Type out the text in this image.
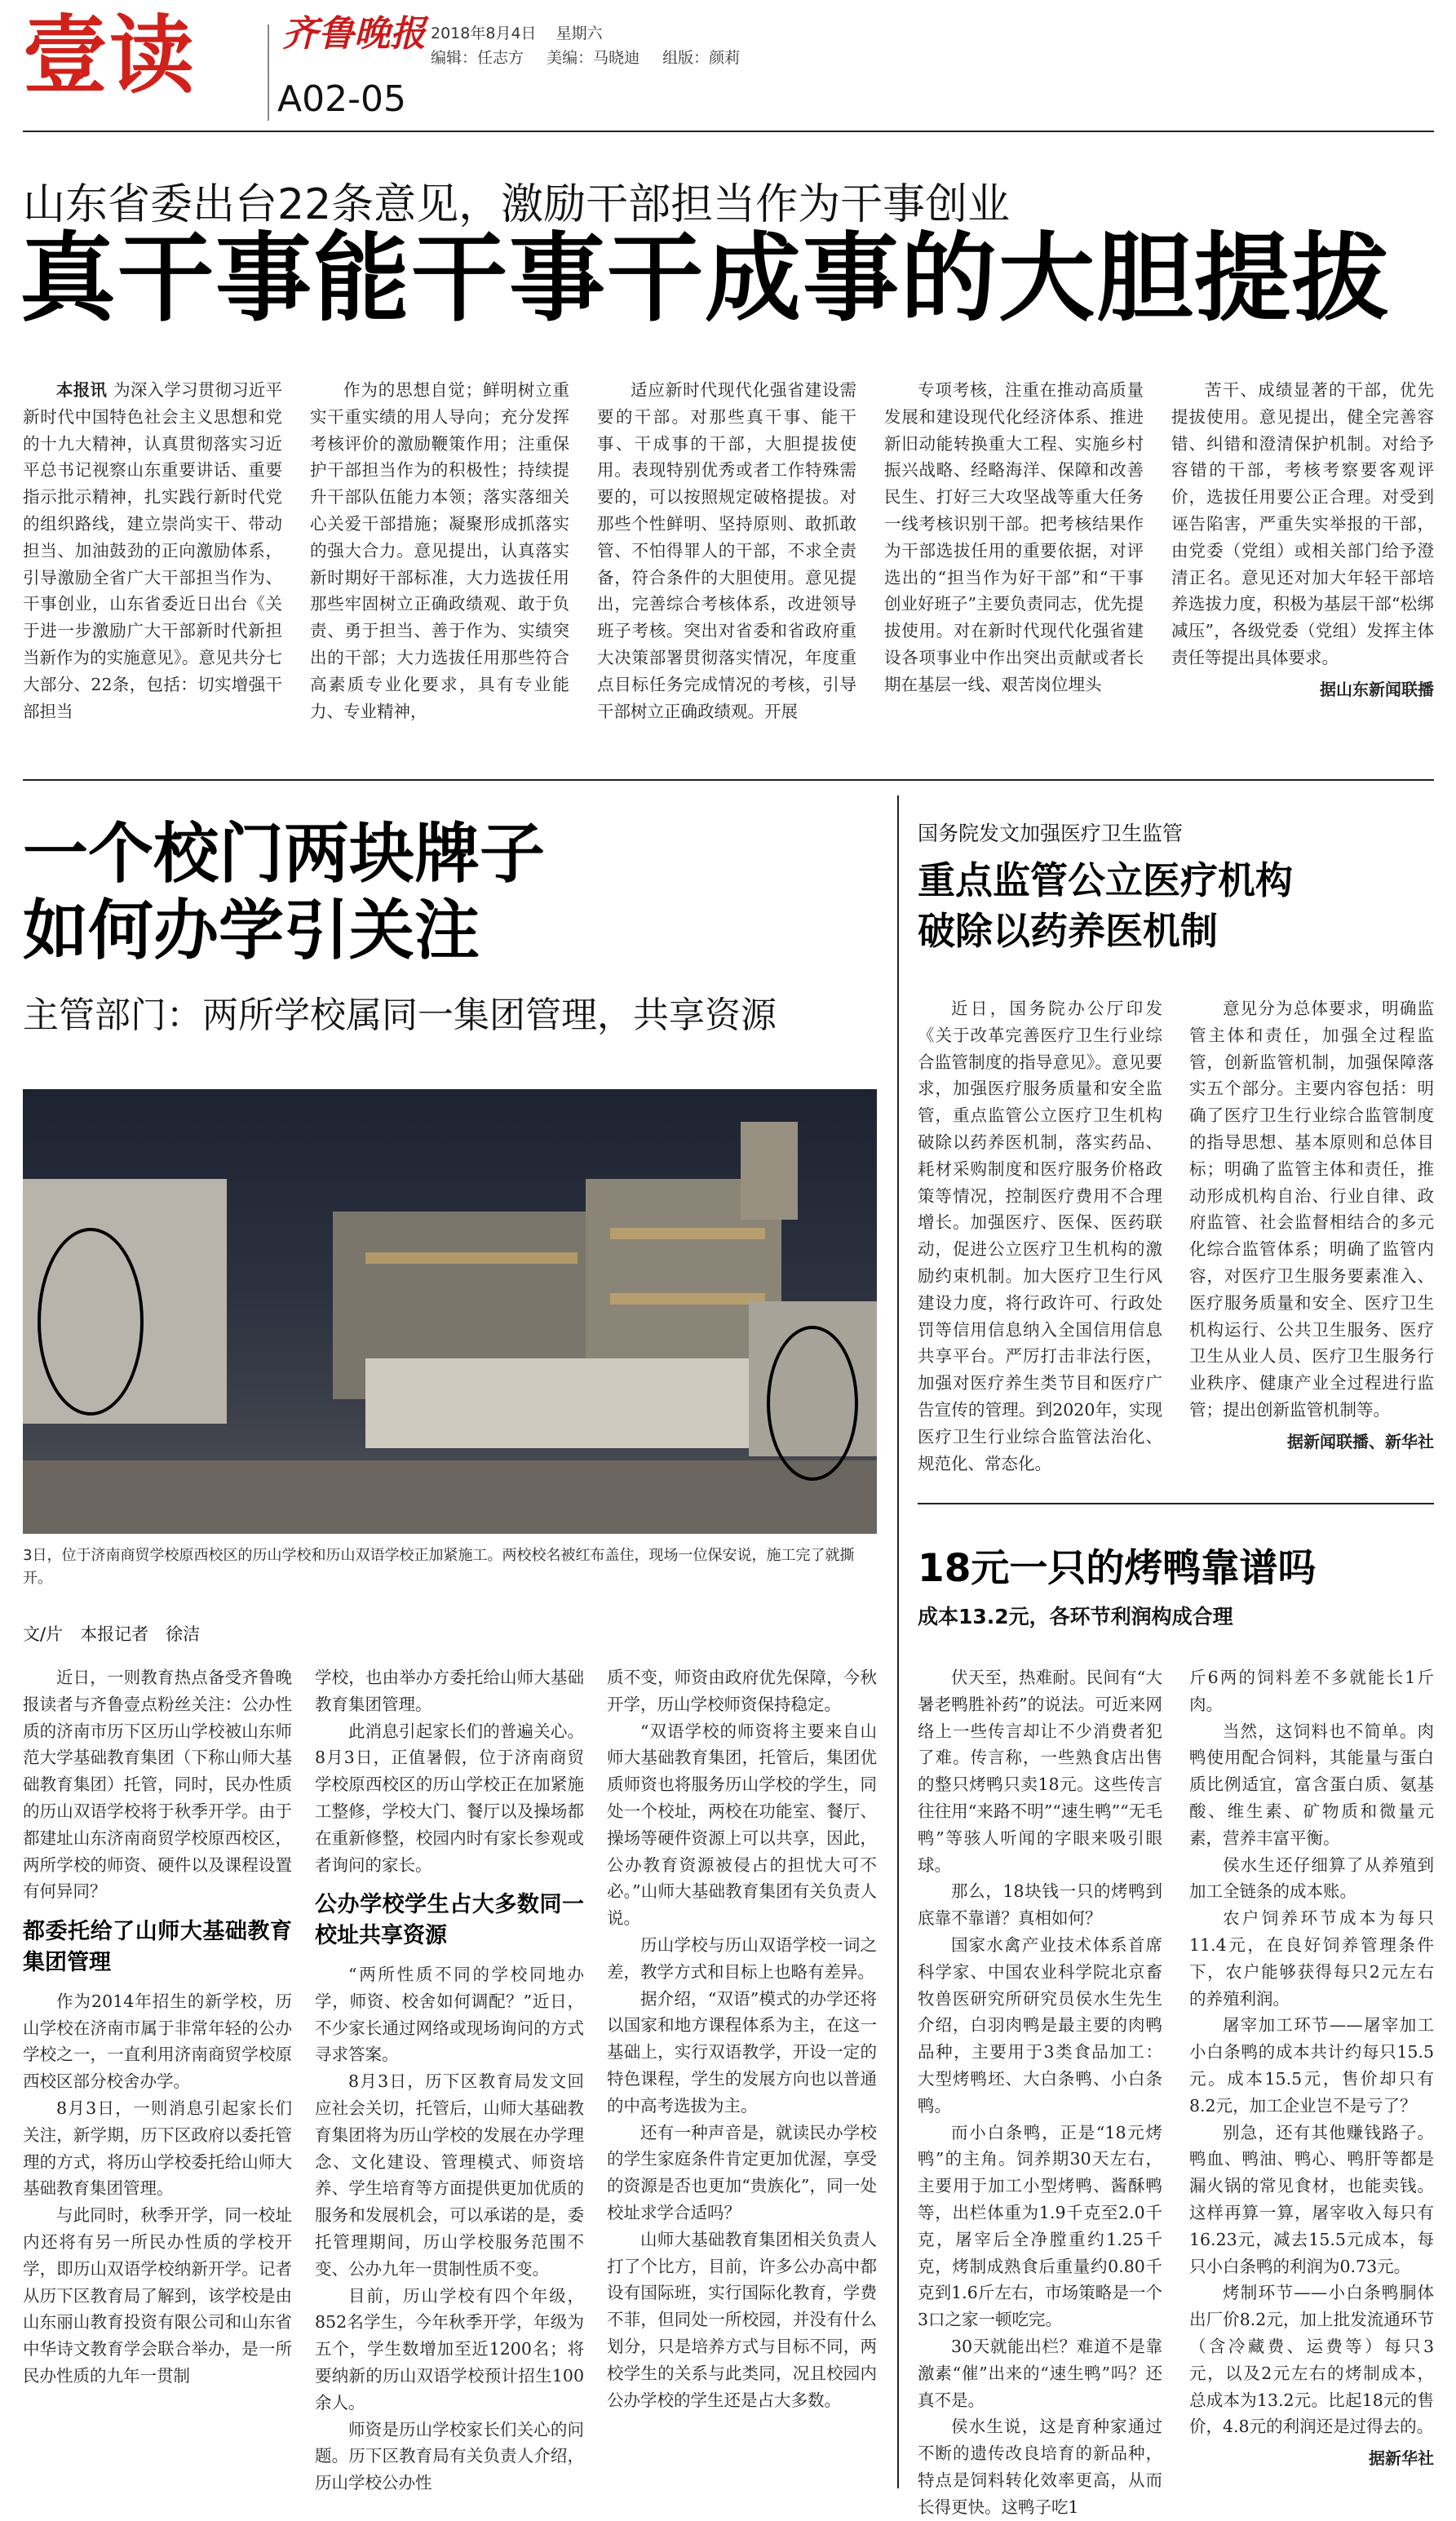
壹读 齐鲁晚报
A02-05
2018年8月4日 星期六
编辑：任志方 美编：马晓迪 组版：颜莉
山东省委出台22条意见，激励干部担当作为干事创业
真干事能干事干成事的大胆提拔

本报讯 为深入学习贯彻习近平新时代中国特色社会主义思想和党的十九大精神，认真贯彻落实习近平总书记视察山东重要讲话、重要指示批示精神，扎实践行新时代党的组织路线，建立崇尚实干、带动担当、加油鼓劲的正向激励体系，引导激励全省广大干部担当作为、干事创业，山东省委近日出台《关于进一步激励广大干部新时代新担当新作为的实施意见》。意见共分七大部分、22条，包括：切实增强干部担当

作为的思想自觉；鲜明树立重实干重实绩的用人导向；充分发挥考核评价的激励鞭策作用；注重保护干部担当作为的积极性；持续提升干部队伍能力本领；落实落细关心关爱干部措施；凝聚形成抓落实的强大合力。意见提出，认真落实新时期好干部标准，大力选拔任用那些牢固树立正确政绩观、敢于负责、勇于担当、善于作为、实绩突出的干部；大力选拔任用那些符合高素质专业化要求，具有专业能力、专业精神，

适应新时代现代化强省建设需要的干部。对那些真干事、能干事、干成事的干部，大胆提拔使用。表现特别优秀或者工作特殊需要的，可以按照规定破格提拔。对那些个性鲜明、坚持原则、敢抓敢管、不怕得罪人的干部，不求全责备，符合条件的大胆使用。意见提出，完善综合考核体系，改进领导班子考核。突出对省委和省政府重大决策部署贯彻落实情况，年度重点目标任务完成情况的考核，引导干部树立正确政绩观。开展

专项考核，注重在推动高质量发展和建设现代化经济体系、推进新旧动能转换重大工程、实施乡村振兴战略、经略海洋、保障和改善民生、打好三大攻坚战等重大任务一线考核识别干部。把考核结果作为干部选拔任用的重要依据，对评选出的“担当作为好干部”和“干事创业好班子”主要负责同志，优先提拔使用。对在新时代现代化强省建设各项事业中作出突出贡献或者长期在基层一线、艰苦岗位埋头

苦干、成绩显著的干部，优先提拔使用。意见提出，健全完善容错、纠错和澄清保护机制。对给予容错的干部，考核考察要客观评价，选拔任用要公正合理。对受到诬告陷害，严重失实举报的干部，由党委（党组）或相关部门给予澄清正名。意见还对加大年轻干部培养选拔力度，积极为基层干部“松绑减压”，各级党委（党组）发挥主体责任等提出具体要求。

据山东新闻联播
一个校门两块牌子
如何办学引关注
主管部门：两所学校属同一集团管理，共享资源
3日，位于济南商贸学校原西校区的历山学校和历山双语学校正加紧施工。两校校名被红布盖住，现场一位保安说，施工完了就撕开。
文/片　本报记者　徐洁

近日，一则教育热点备受齐鲁晚报读者与齐鲁壹点粉丝关注：公办性质的济南市历下区历山学校被山东师范大学基础教育集团（下称山师大基础教育集团）托管，同时，民办性质的历山双语学校将于秋季开学。由于都建址山东济南商贸学校原西校区，两所学校的师资、硬件以及课程设置有何异同？

都委托给了山师大基础教育集团管理

作为2014年招生的新学校，历山学校在济南市属于非常年轻的公办学校之一，一直利用济南商贸学校原西校区部分校舍办学。

8月3日，一则消息引起家长们关注，新学期，历下区政府以委托管理的方式，将历山学校委托给山师大基础教育集团管理。

与此同时，秋季开学，同一校址内还将有另一所民办性质的学校开学，即历山双语学校纳新开学。记者从历下区教育局了解到，该学校是由山东丽山教育投资有限公司和山东省中华诗文教育学会联合举办，是一所民办性质的九年一贯制

学校，也由举办方委托给山师大基础教育集团管理。

此消息引起家长们的普遍关心。8月3日，正值暑假，位于济南商贸学校原西校区的历山学校正在加紧施工整修，学校大门、餐厅以及操场都在重新修整，校园内时有家长参观或者询问的家长。

公办学校学生占大多数同一校址共享资源

“两所性质不同的学校同地办学，师资、校舍如何调配？”近日，不少家长通过网络或现场询问的方式寻求答案。

8月3日，历下区教育局发文回应社会关切，托管后，山师大基础教育集团将为历山学校的发展在办学理念、文化建设、管理模式、师资培养、学生培育等方面提供更加优质的服务和发展机会，可以承诺的是，委托管理期间，历山学校服务范围不变、公办九年一贯制性质不变。

目前，历山学校有四个年级，852名学生，今年秋季开学，年级为五个，学生数增加至近1200名；将要纳新的历山双语学校预计招生100余人。

师资是历山学校家长们关心的问题。历下区教育局有关负责人介绍，历山学校公办性

质不变，师资由政府优先保障，今秋开学，历山学校师资保持稳定。

“双语学校的师资将主要来自山师大基础教育集团，托管后，集团优质师资也将服务历山学校的学生，同处一个校址，两校在功能室、餐厅、操场等硬件资源上可以共享，因此，公办教育资源被侵占的担忧大可不必。”山师大基础教育集团有关负责人说。

历山学校与历山双语学校一词之差，教学方式和目标上也略有差异。

据介绍，“双语”模式的办学还将以国家和地方课程体系为主，在这一基础上，实行双语教学，开设一定的特色课程，学生的发展方向也以普通的中高考选拔为主。

还有一种声音是，就读民办学校的学生家庭条件肯定更加优渥，享受的资源是否也更加“贵族化”，同一处校址求学合适吗？

山师大基础教育集团相关负责人打了个比方，目前，许多公办高中都设有国际班，实行国际化教育，学费不菲，但同处一所校园，并没有什么划分，只是培养方式与目标不同，两校学生的关系与此类同，况且校园内公办学校的学生还是占大多数。

国务院发文加强医疗卫生监管
重点监管公立医疗机构
破除以药养医机制

近日，国务院办公厅印发《关于改革完善医疗卫生行业综合监管制度的指导意见》。意见要求，加强医疗服务质量和安全监管，重点监管公立医疗卫生机构破除以药养医机制，落实药品、耗材采购制度和医疗服务价格政策等情况，控制医疗费用不合理增长。加强医疗、医保、医药联动，促进公立医疗卫生机构的激励约束机制。加大医疗卫生行风建设力度，将行政许可、行政处罚等信用信息纳入全国信用信息共享平台。严厉打击非法行医，加强对医疗养生类节目和医疗广告宣传的管理。到2020年，实现医疗卫生行业综合监管法治化、规范化、常态化。

意见分为总体要求，明确监管主体和责任，加强全过程监管，创新监管机制，加强保障落实五个部分。主要内容包括：明确了医疗卫生行业综合监管制度的指导思想、基本原则和总体目标；明确了监管主体和责任，推动形成机构自治、行业自律、政府监管、社会监督相结合的多元化综合监管体系；明确了监管内容，对医疗卫生服务要素准入、医疗服务质量和安全、医疗卫生机构运行、公共卫生服务、医疗卫生从业人员、医疗卫生服务行业秩序、健康产业全过程进行监管；提出创新监管机制等。

据新闻联播、新华社
18元一只的烤鸭靠谱吗
成本13.2元，各环节利润构成合理

伏天至，热难耐。民间有“大暑老鸭胜补药”的说法。可近来网络上一些传言却让不少消费者犯了难。传言称，一些熟食店出售的整只烤鸭只卖18元。这些传言往往用“来路不明”“速生鸭”“无毛鸭”等骇人听闻的字眼来吸引眼球。

那么，18块钱一只的烤鸭到底靠不靠谱？真相如何？

国家水禽产业技术体系首席科学家、中国农业科学院北京畜牧兽医研究所研究员侯水生先生介绍，白羽肉鸭是最主要的肉鸭品种，主要用于3类食品加工：大型烤鸭坯、大白条鸭、小白条鸭。

而小白条鸭，正是“18元烤鸭”的主角。饲养期30天左右，主要用于加工小型烤鸭、酱酥鸭等，出栏体重为1.9千克至2.0千克，屠宰后全净膛重约1.25千克，烤制成熟食后重量约0.80千克到1.6斤左右，市场策略是一个3口之家一顿吃完。

30天就能出栏？难道不是靠激素“催”出来的“速生鸭”吗？还真不是。

侯水生说，这是育种家通过不断的遗传改良培育的新品种，特点是饲料转化效率更高，从而长得更快。这鸭子吃1

斤6两的饲料差不多就能长1斤肉。

当然，这饲料也不简单。肉鸭使用配合饲料，其能量与蛋白质比例适宜，富含蛋白质、氨基酸、维生素、矿物质和微量元素，营养丰富平衡。

侯水生还仔细算了从养殖到加工全链条的成本账。

农户饲养环节成本为每只11.4元，在良好饲养管理条件下，农户能够获得每只2元左右的养殖利润。

屠宰加工环节——屠宰加工小白条鸭的成本共计约每只15.5元。成本15.5元，售价却只有8.2元，加工企业岂不是亏了？

别急，还有其他赚钱路子。鸭血、鸭油、鸭心、鸭肝等都是漏火锅的常见食材，也能卖钱。这样再算一算，屠宰收入每只有16.23元，减去15.5元成本，每只小白条鸭的利润为0.73元。

烤制环节——小白条鸭胴体出厂价8.2元，加上批发流通环节（含冷藏费、运费等）每只3元，以及2元左右的烤制成本，总成本为13.2元。比起18元的售价，4.8元的利润还是过得去的。

据新华社
